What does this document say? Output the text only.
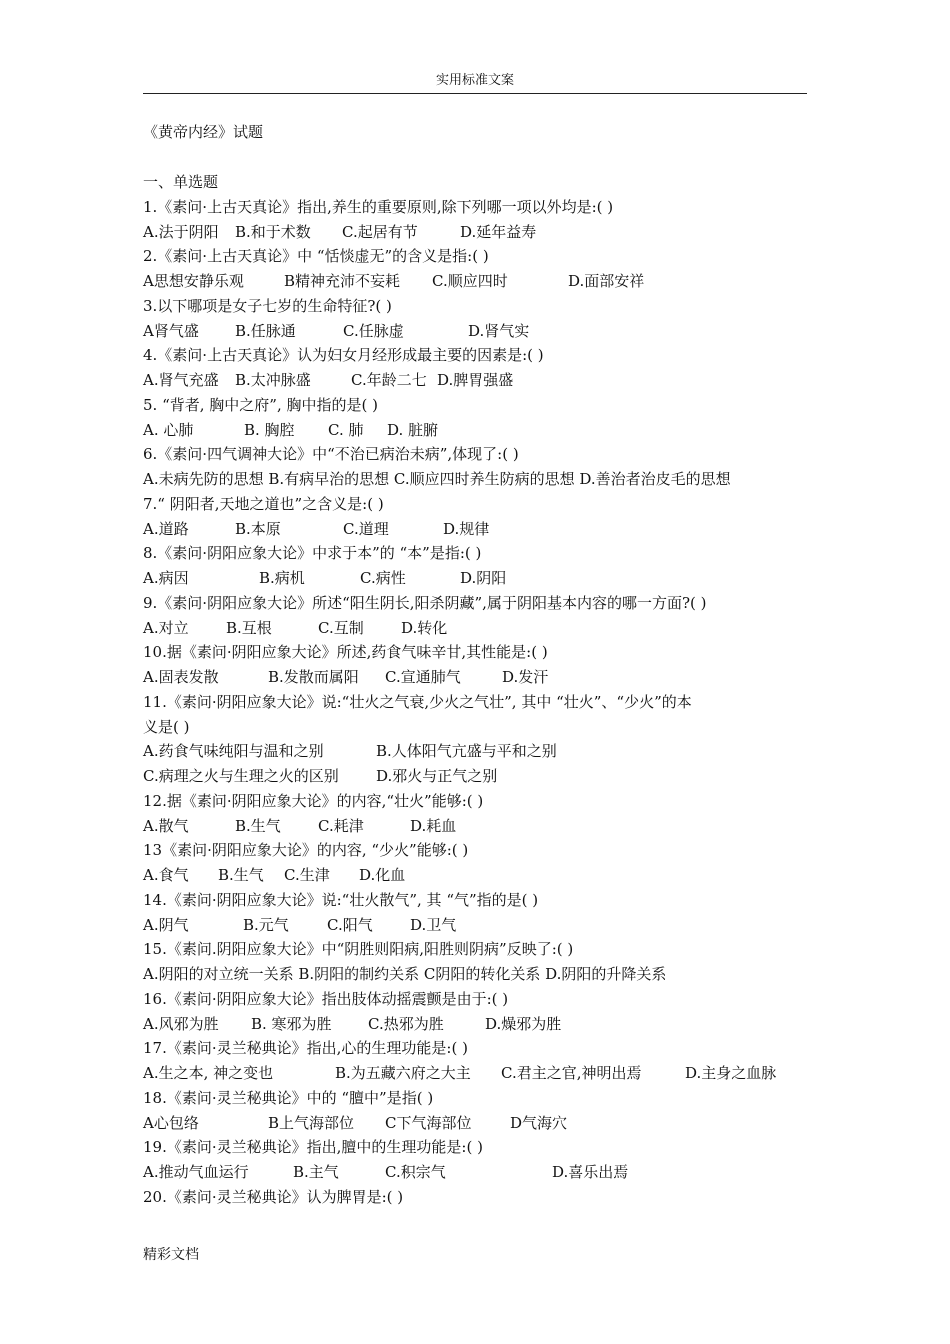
实用标准文案
《黄帝内经》试题
一、单选题
1.《素问·上古天真论》指出,养生的重要原则,除下列哪一项以外均是:( )
A.法于阴阳 B.和于术数 C.起居有节	D.延年益寿
2.《素问·上古天真论》中 “恬惔虚无”的含义是指:( )
A思想安静乐观	B精神充沛不妄耗 C.顺应四时	D.面部安祥
3.以下哪项是女子七岁的生命特征?( )
A肾气盛 B.任脉通	C.任脉虚	D.肾气实
4.《素问·上古天真论》认为妇女月经形成最主要的因素是:( )
A.肾气充盛 B.太冲脉盛	C.年龄二七 D.脾胃强盛
5. “背者, 胸中之府”, 胸中指的是( )
A. 心肺	B. 胸腔 C. 肺 D. 脏腑
6.《素问·四气调神大论》中“不治已病治未病”,体现了:( )
A.未病先防的思想 B.有病早治的思想 C.顺应四时养生防病的思想 D.善治者治皮毛的思想
7.“ 阴阳者,天地之道也”之含义是:( )
A.道路	B.本原	C.道理	D.规律
8.《素问·阴阳应象大论》中求于本”的 “本”是指:( )
A.病因	B.病机	C.病性	D.阴阳
9.《素问·阴阳应象大论》所述“阳生阴长,阳杀阴藏”,属于阴阳基本内容的哪一方面?( )
A.对立 B.互根	C.互制 D.转化
10.据《素问·阴阳应象大论》所述,药食气味辛甘,其性能是:( )
A.固表发散	B.发散而属阳 C.宣通肺气	D.发汗
11.《素问·阴阳应象大论》说:“壮火之气衰,少火之气壮”, 其中 “壮火”、“少火”的本
义是( )
A.药食气味纯阳与温和之别	B.人体阳气亢盛与平和之别
C.病理之火与生理之火的区别 D.邪火与正气之别
12.据《素问·阴阳应象大论》的内容,“壮火”能够:( )
A.散气	B.生气 C.耗津	D.耗血
13《素问·阴阳应象大论》的内容, “少火”能够:( )
A.食气 B.生气 C.生津 D.化血
14.《素问·阴阳应象大论》说:“壮火散气”, 其 “气”指的是( )
A.阴气	B.元气	C.阳气 D.卫气
15.《素问.阴阳应象大论》中“阴胜则阳病,阳胜则阴病”反映了:( )
A.阴阳的对立统一关系 B.阴阳的制约关系 C阴阳的转化关系 D.阴阳的升降关系
16.《素问·阴阳应象大论》指出肢体动摇震颤是由于:( )
A.风邪为胜 B. 寒邪为胜 C.热邪为胜	D.燥邪为胜
17.《素问·灵兰秘典论》指出,心的生理功能是:( )
A.生之本, 神之变也	B.为五藏六府之大主 C.君主之官,神明出焉	D.主身之血脉
18.《素问·灵兰秘典论》中的 “膻中”是指( )
A心包络	B上气海部位 C下气海部位	D气海穴
19.《素问·灵兰秘典论》指出,膻中的生理功能是:( )
A.推动气血运行	B.主气	C.积宗气	D.喜乐出焉
20.《素问·灵兰秘典论》认为脾胃是:( )
精彩文档
